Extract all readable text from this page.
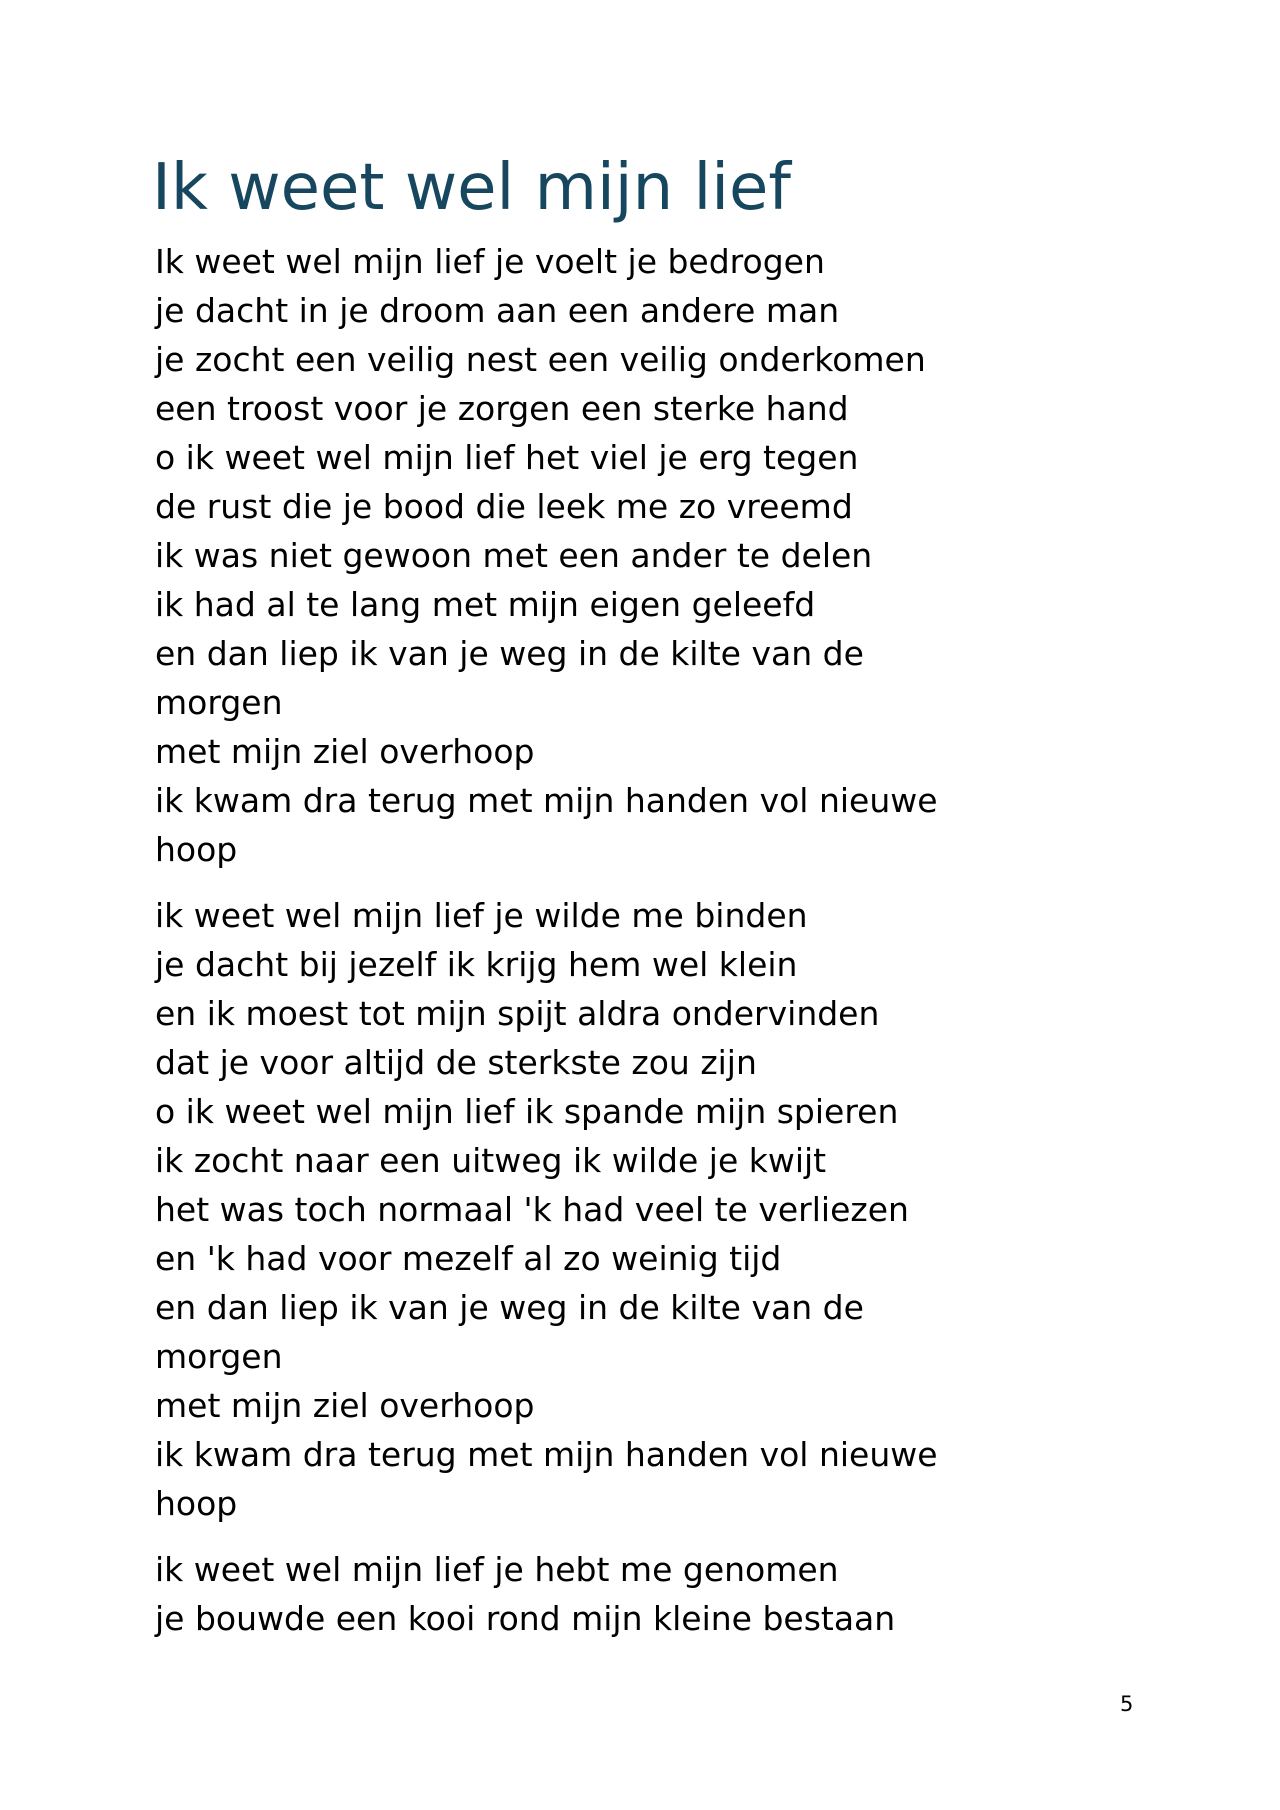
Ik weet wel mijn lief
Ik weet wel mijn lief je voelt je bedrogen
je dacht in je droom aan een andere man
je zocht een veilig nest een veilig onderkomen
een troost voor je zorgen een sterke hand
o ik weet wel mijn lief het viel je erg tegen
de rust die je bood die leek me zo vreemd
ik was niet gewoon met een ander te delen
ik had al te lang met mijn eigen geleefd
en dan liep ik van je weg in de kilte van de
morgen
met mijn ziel overhoop
ik kwam dra terug met mijn handen vol nieuwe
hoop
ik weet wel mijn lief je wilde me binden
je dacht bij jezelf ik krijg hem wel klein
en ik moest tot mijn spijt aldra ondervinden
dat je voor altijd de sterkste zou zijn
o ik weet wel mijn lief ik spande mijn spieren
ik zocht naar een uitweg ik wilde je kwijt
het was toch normaal 'k had veel te verliezen
en 'k had voor mezelf al zo weinig tijd
en dan liep ik van je weg in de kilte van de
morgen
met mijn ziel overhoop
ik kwam dra terug met mijn handen vol nieuwe
hoop
ik weet wel mijn lief je hebt me genomen
je bouwde een kooi rond mijn kleine bestaan
5
